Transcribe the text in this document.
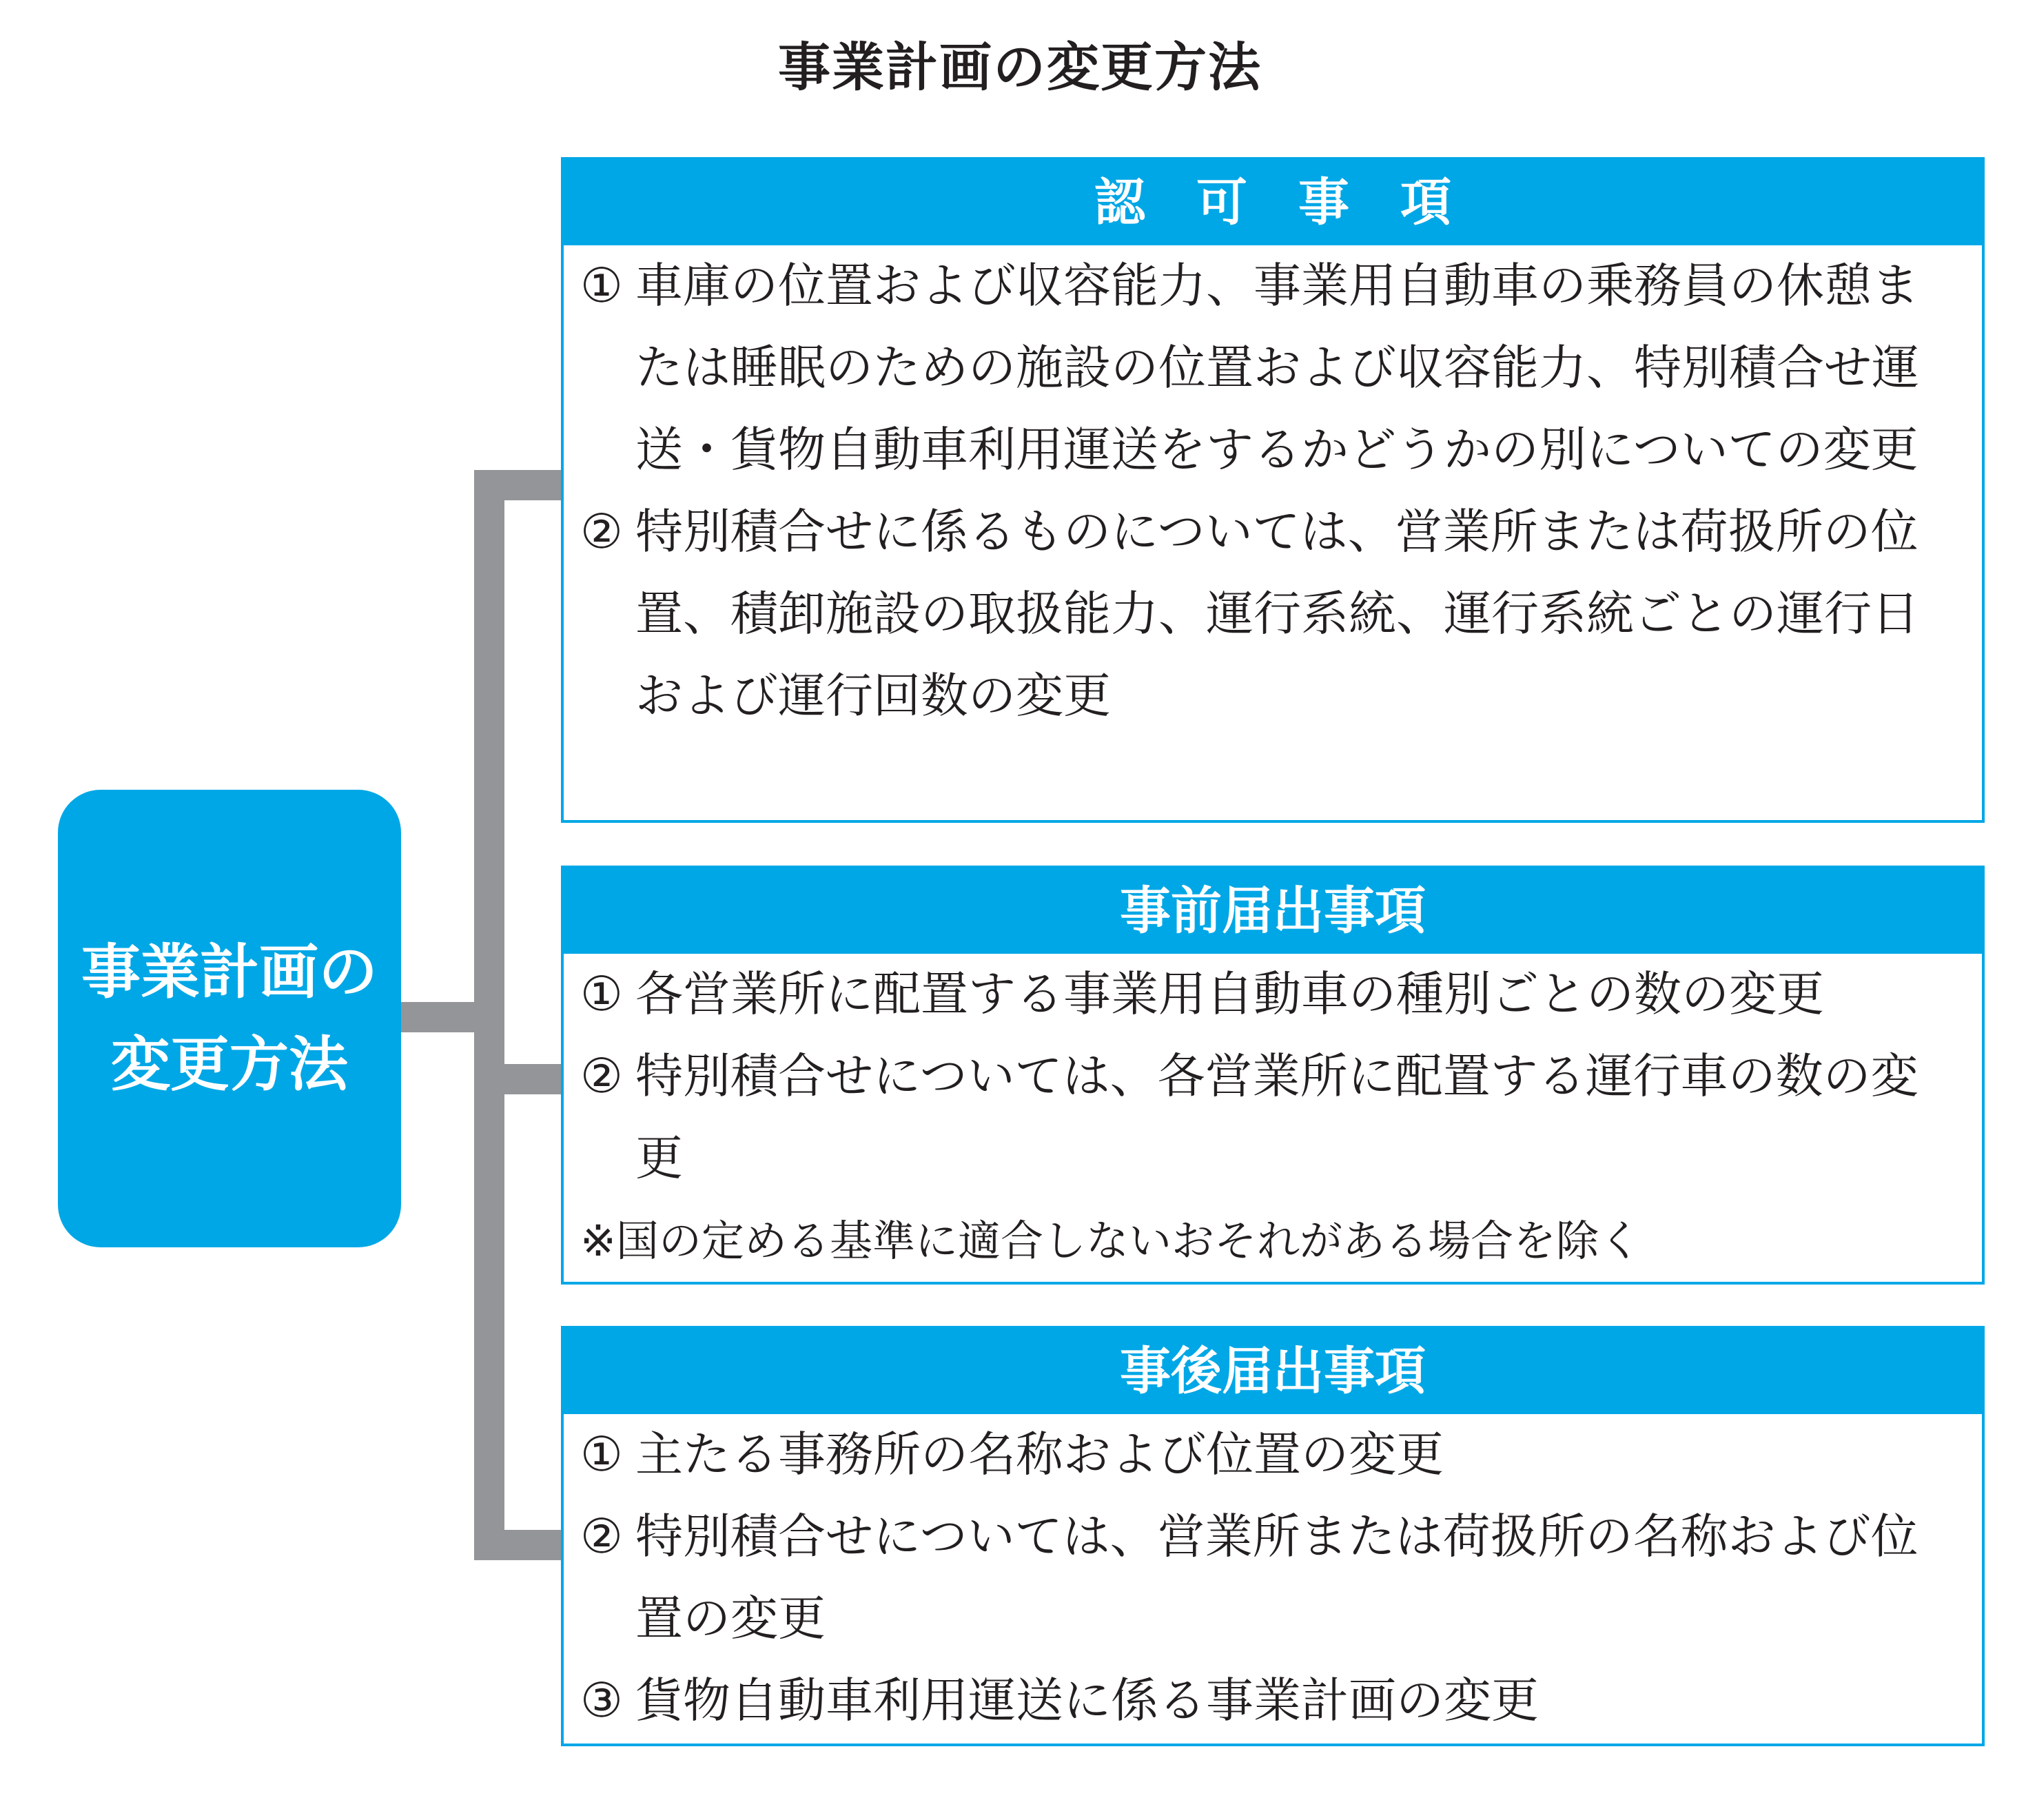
事業計画の変更方法
事業計画の
変更方法
認　可　事　項
① 車庫の位置および収容能力、事業用自動車の乗務員の休憩または睡眠のための施設の位置および収容能力、特別積合せ運送・貨物自動車利用運送をするかどうかの別についての変更
② 特別積合せに係るものについては、営業所または荷扱所の位置、積卸施設の取扱能力、運行系統、運行系統ごとの運行日および運行回数の変更
事前届出事項
① 各営業所に配置する事業用自動車の種別ごとの数の変更
② 特別積合せについては、各営業所に配置する運行車の数の変更
※国の定める基準に適合しないおそれがある場合を除く
事後届出事項
① 主たる事務所の名称および位置の変更
② 特別積合せについては、営業所または荷扱所の名称および位置の変更
③ 貨物自動車利用運送に係る事業計画の変更
